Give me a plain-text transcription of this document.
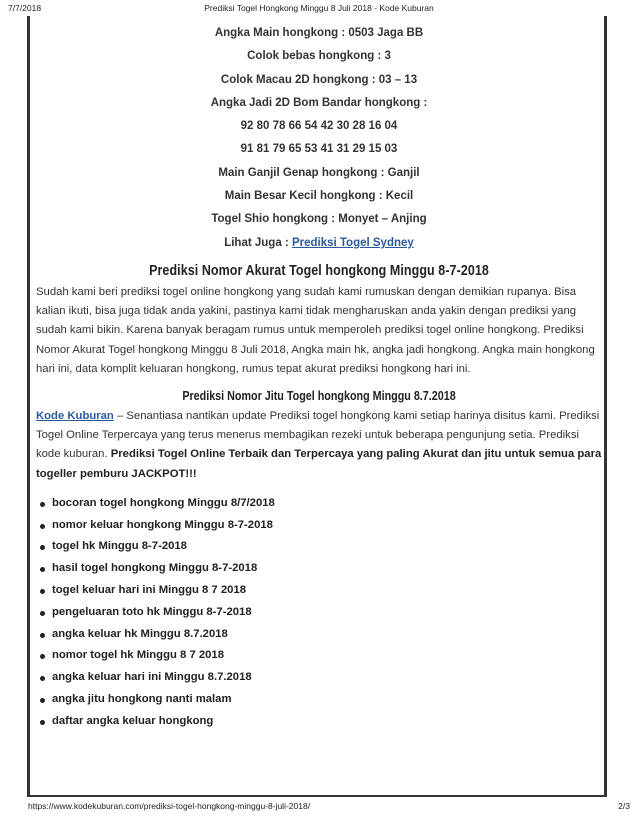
7/7/2018	Prediksi Togel Hongkong Minggu 8 Juli 2018 - Kode Kuburan
Angka Main hongkong : 0503 Jaga BB
Colok bebas hongkong : 3
Colok Macau 2D hongkong : 03 – 13
Angka Jadi 2D Bom Bandar hongkong :
92 80 78 66 54 42 30 28 16 04
91 81 79 65 53 41 31 29 15 03
Main Ganjil Genap hongkong : Ganjil
Main Besar Kecil hongkong : Kecil
Togel Shio hongkong : Monyet – Anjing
Lihat Juga : Prediksi Togel Sydney
Prediksi Nomor Akurat Togel hongkong Minggu 8-7-2018

Sudah kami beri prediksi togel online hongkong yang sudah kami rumuskan dengan demikian rupanya. Bisa kalian ikuti, bisa juga tidak anda yakini, pastinya kami tidak mengharuskan anda yakin dengan prediksi yang sudah kami bikin. Karena banyak beragam rumus untuk memperoleh prediksi togel online hongkong. Prediksi Nomor Akurat Togel hongkong Minggu 8 Juli 2018, Angka main hk, angka jadi hongkong. Angka main hongkong hari ini, data komplit keluaran hongkong, rumus tepat akurat prediksi hongkong hari ini.

Prediksi Nomor Jitu Togel hongkong Minggu 8.7.2018

Kode Kuburan – Senantiasa nantikan update Prediksi togel hongkong kami setiap harinya disitus kami. Prediksi Togel Online Terpercaya yang terus menerus membagikan rezeki untuk beberapa pengunjung setia. Prediksi kode kuburan. Prediksi Togel Online Terbaik dan Terpercaya yang paling Akurat dan jitu untuk semua para togeller pemburu JACKPOT!!!

bocoran togel hongkong Minggu 8/7/2018
nomor keluar hongkong Minggu 8-7-2018
togel hk Minggu 8-7-2018
hasil togel hongkong Minggu 8-7-2018
togel keluar hari ini Minggu 8 7 2018
pengeluaran toto hk Minggu 8-7-2018
angka keluar hk Minggu 8.7.2018
nomor togel hk Minggu 8 7 2018
angka keluar hari ini Minggu 8.7.2018
angka jitu hongkong nanti malam
daftar angka keluar hongkong
https://www.kodekuburan.com/prediksi-togel-hongkong-minggu-8-juli-2018/	2/3
